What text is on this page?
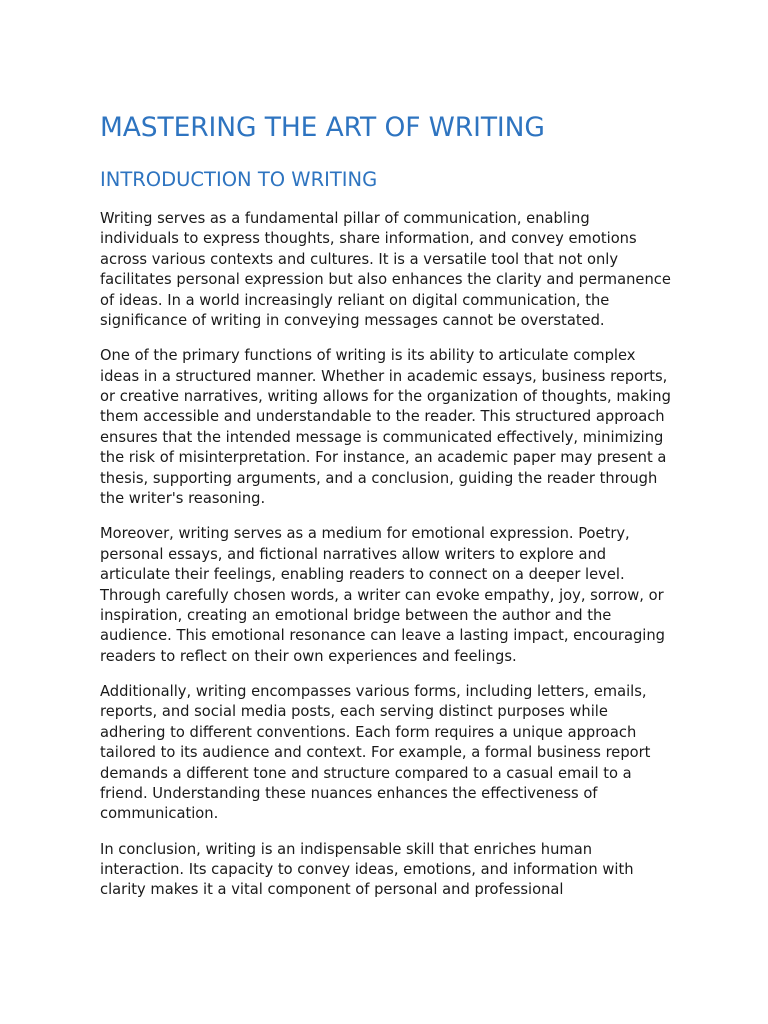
MASTERING THE ART OF WRITING
INTRODUCTION TO WRITING

Writing serves as a fundamental pillar of communication, enabling individuals to express thoughts, share information, and convey emotions across various contexts and cultures. It is a versatile tool that not only facilitates personal expression but also enhances the clarity and permanence of ideas. In a world increasingly reliant on digital communication, the significance of writing in conveying messages cannot be overstated.

One of the primary functions of writing is its ability to articulate complex ideas in a structured manner. Whether in academic essays, business reports, or creative narratives, writing allows for the organization of thoughts, making them accessible and understandable to the reader. This structured approach ensures that the intended message is communicated effectively, minimizing the risk of misinterpretation. For instance, an academic paper may present a thesis, supporting arguments, and a conclusion, guiding the reader through the writer's reasoning.

Moreover, writing serves as a medium for emotional expression. Poetry, personal essays, and fictional narratives allow writers to explore and articulate their feelings, enabling readers to connect on a deeper level. Through carefully chosen words, a writer can evoke empathy, joy, sorrow, or inspiration, creating an emotional bridge between the author and the audience. This emotional resonance can leave a lasting impact, encouraging readers to reflect on their own experiences and feelings.

Additionally, writing encompasses various forms, including letters, emails, reports, and social media posts, each serving distinct purposes while adhering to different conventions. Each form requires a unique approach tailored to its audience and context. For example, a formal business report demands a different tone and structure compared to a casual email to a friend. Understanding these nuances enhances the effectiveness of communication.

In conclusion, writing is an indispensable skill that enriches human interaction. Its capacity to convey ideas, emotions, and information with clarity makes it a vital component of personal and professional
